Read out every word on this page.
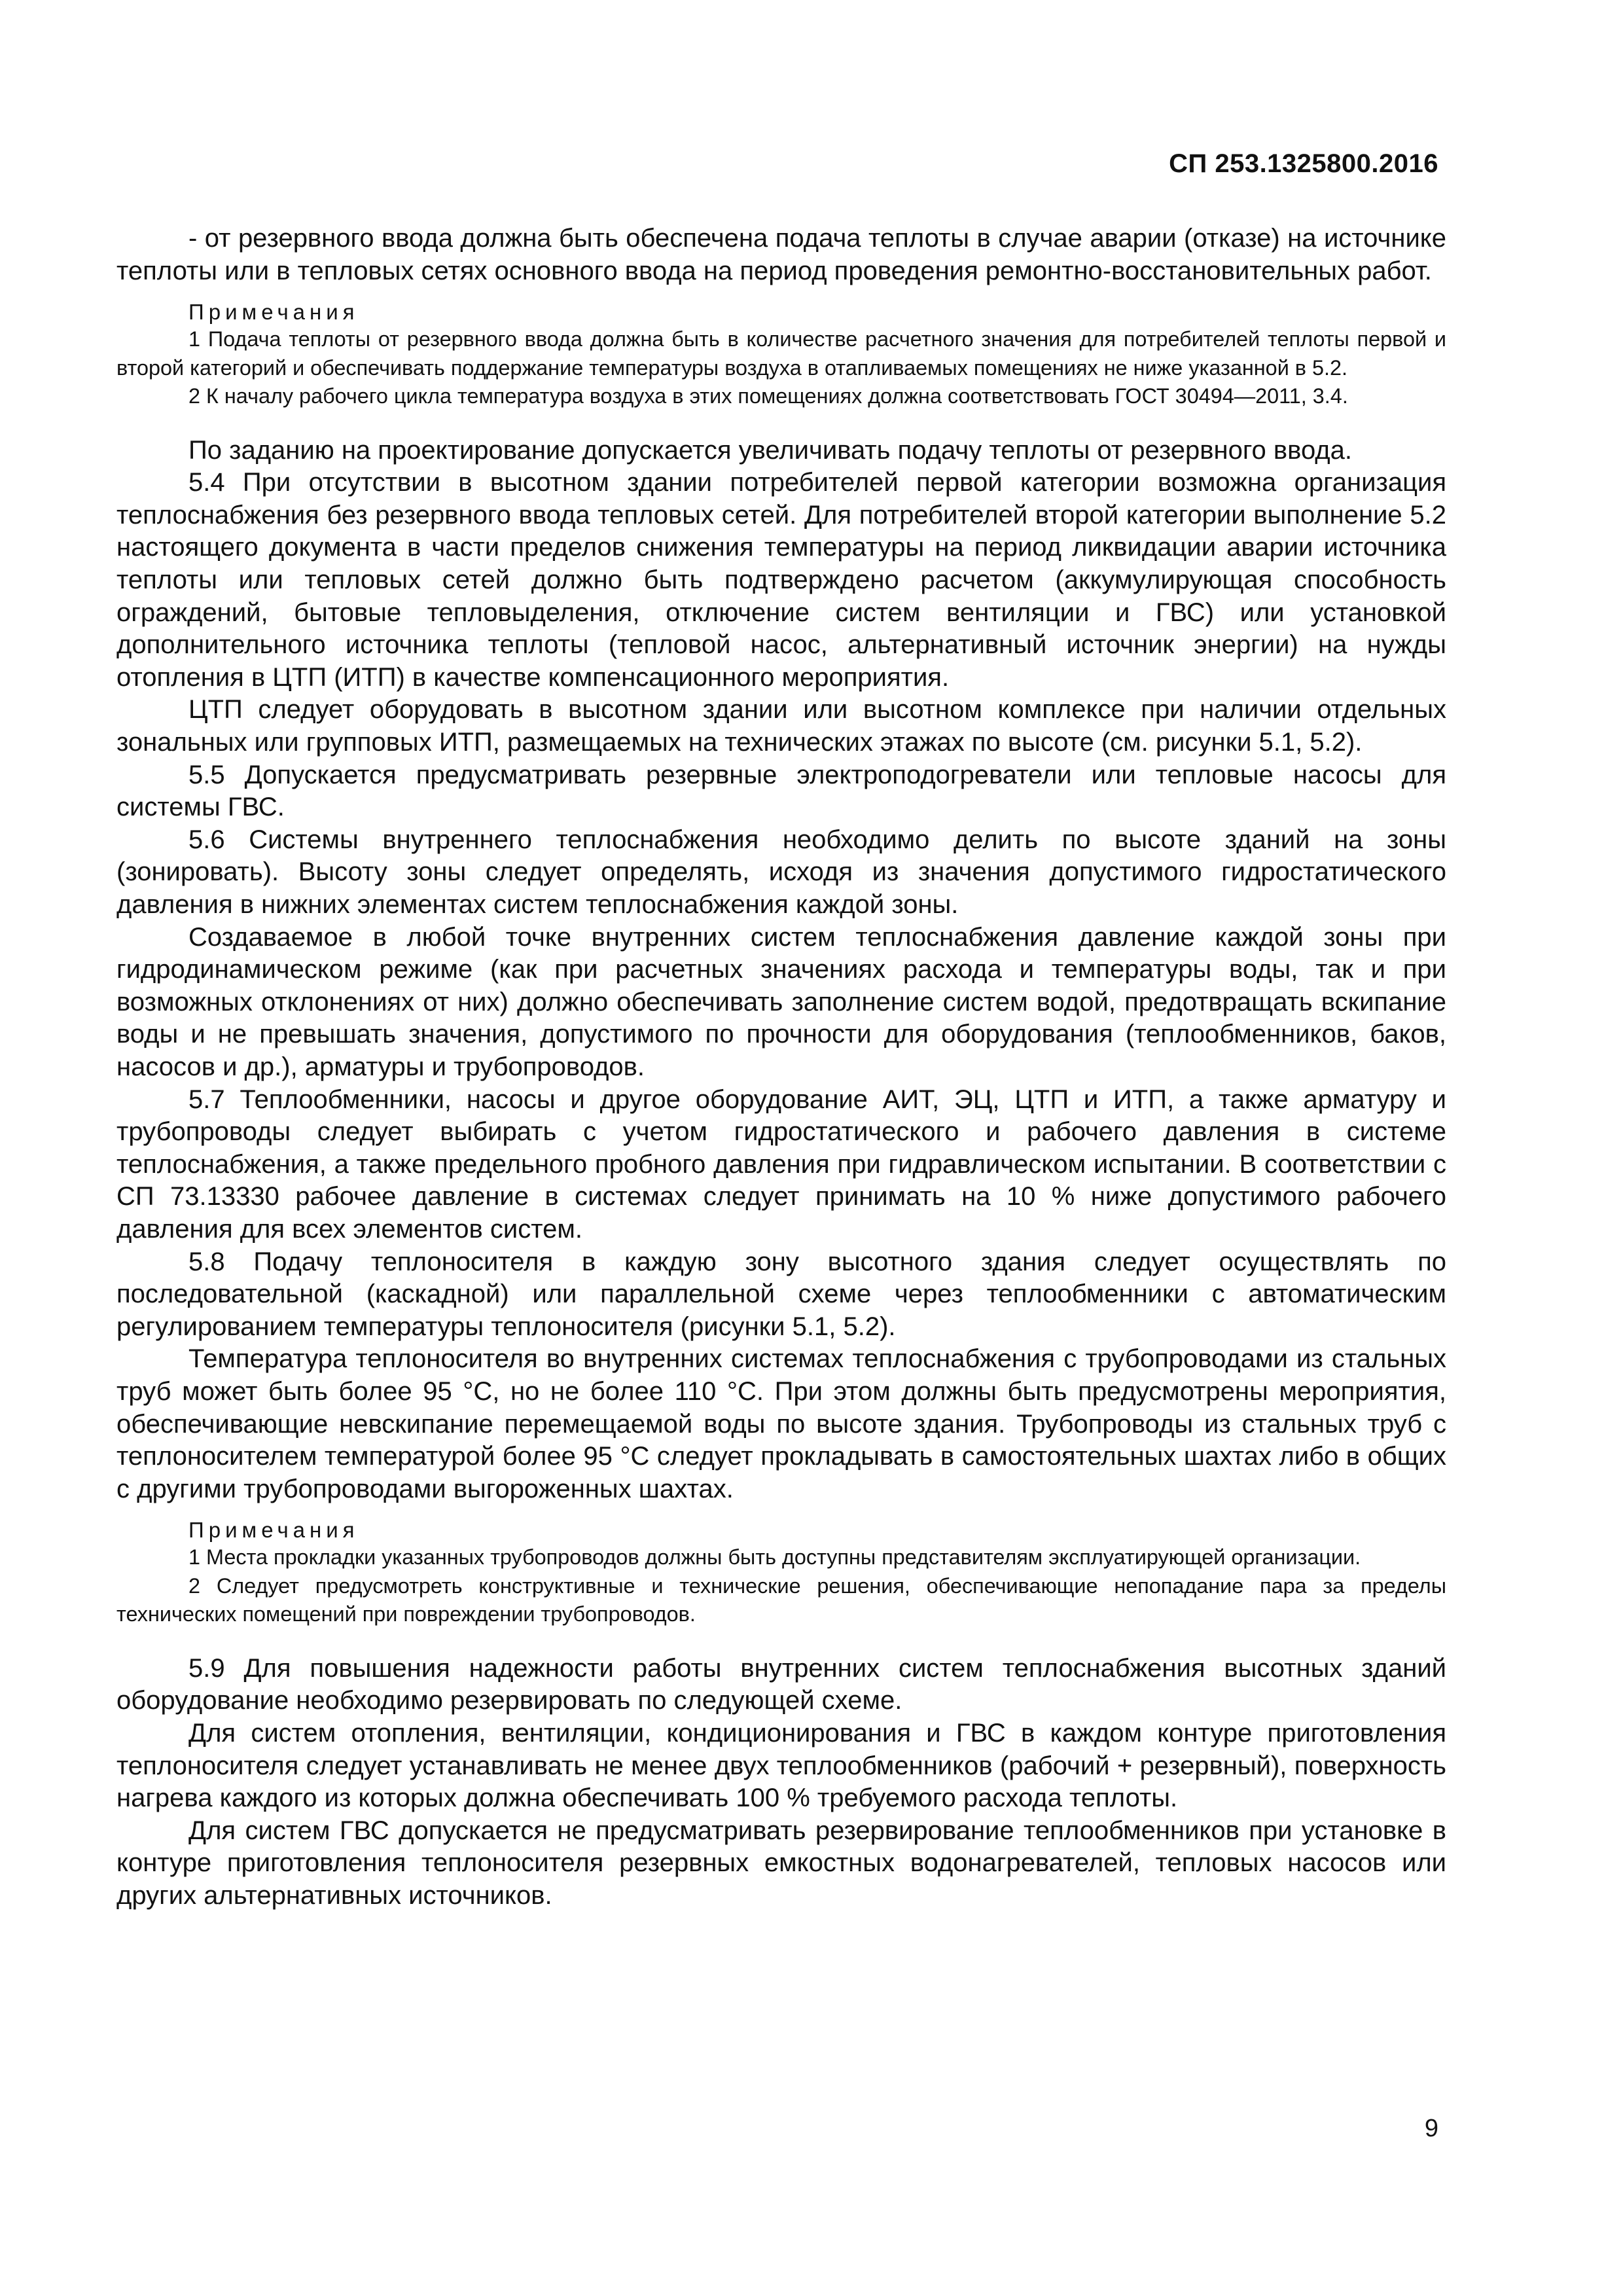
СП 253.1325800.2016

- от резервного ввода должна быть обеспечена подача теплоты в случае аварии (отказе) на источнике теплоты или в тепловых сетях основного ввода на период проведения ремонтно-восстановительных работ.

Примечания

1 Подача теплоты от резервного ввода должна быть в количестве расчетного значения для потребителей теплоты первой и второй категорий и обеспечивать поддержание температуры воздуха в отапливаемых помещениях не ниже указанной в 5.2.

2 К началу рабочего цикла температура воздуха в этих помещениях должна соответствовать ГОСТ 30494—2011, 3.4.

По заданию на проектирование допускается увеличивать подачу теплоты от резервного ввода.

5.4 При отсутствии в высотном здании потребителей первой категории возможна организация теплоснабжения без резервного ввода тепловых сетей. Для потребителей второй категории выполнение 5.2 настоящего документа в части пределов снижения температуры на период ликвидации аварии источника теплоты или тепловых сетей должно быть подтверждено расчетом (аккумулирующая способность ограждений, бытовые тепловыделения, отключение систем вентиляции и ГВС) или установкой дополнительного источника теплоты (тепловой насос, альтернативный источник энергии) на нужды отопления в ЦТП (ИТП) в качестве компенсационного мероприятия.

ЦТП следует оборудовать в высотном здании или высотном комплексе при наличии отдельных зональных или групповых ИТП, размещаемых на технических этажах по высоте (см. рисунки 5.1, 5.2).

5.5 Допускается предусматривать резервные электроподогреватели или тепловые насосы для системы ГВС.

5.6 Системы внутреннего теплоснабжения необходимо делить по высоте зданий на зоны (зонировать). Высоту зоны следует определять, исходя из значения допустимого гидростатического давления в нижних элементах систем теплоснабжения каждой зоны.

Создаваемое в любой точке внутренних систем теплоснабжения давление каждой зоны при гидродинамическом режиме (как при расчетных значениях расхода и температуры воды, так и при возможных отклонениях от них) должно обеспечивать заполнение систем водой, предотвращать вскипание воды и не превышать значения, допустимого по прочности для оборудования (теплообменников, баков, насосов и др.), арматуры и трубопроводов.

5.7 Теплообменники, насосы и другое оборудование АИТ, ЭЦ, ЦТП и ИТП, а также арматуру и трубопроводы следует выбирать с учетом гидростатического и рабочего давления в системе теплоснабжения, а также предельного пробного давления при гидравлическом испытании. В соответствии с СП 73.13330 рабочее давление в системах следует принимать на 10 % ниже допустимого рабочего давления для всех элементов систем.

5.8 Подачу теплоносителя в каждую зону высотного здания следует осуществлять по последовательной (каскадной) или параллельной схеме через теплообменники с автоматическим регулированием температуры теплоносителя (рисунки 5.1, 5.2).

Температура теплоносителя во внутренних системах теплоснабжения с трубопроводами из стальных труб может быть более 95 °С, но не более 110 °С. При этом должны быть предусмотрены мероприятия, обеспечивающие невскипание перемещаемой воды по высоте здания. Трубопроводы из стальных труб с теплоносителем температурой более 95 °С следует прокладывать в самостоятельных шахтах либо в общих с другими трубопроводами выгороженных шахтах.

Примечания

1 Места прокладки указанных трубопроводов должны быть доступны представителям эксплуатирующей организации.

2 Следует предусмотреть конструктивные и технические решения, обеспечивающие непопадание пара за пределы технических помещений при повреждении трубопроводов.

5.9 Для повышения надежности работы внутренних систем теплоснабжения высотных зданий оборудование необходимо резервировать по следующей схеме.

Для систем отопления, вентиляции, кондиционирования и ГВС в каждом контуре приготовления теплоносителя следует устанавливать не менее двух теплообменников (рабочий + резервный), поверхность нагрева каждого из которых должна обеспечивать 100 % требуемого расхода теплоты.

Для систем ГВС допускается не предусматривать резервирование теплообменников при установке в контуре приготовления теплоносителя резервных емкостных водонагревателей, тепловых насосов или других альтернативных источников.

9
